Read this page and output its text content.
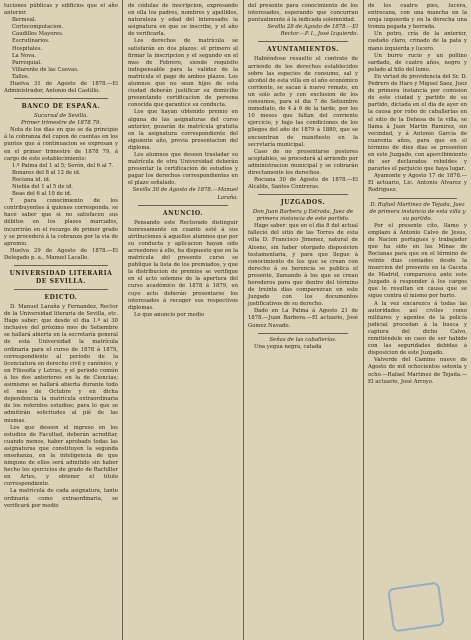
tuciones públicas y edificios que el año anterior.

Bermeal.
Cortecomputacion.
Caudillos Mayores.
Escrutinarios.
Hospitales.
La Nova.
Parroquial.
Villarente de las Cuevas.
Tallos.

Huelva 31 de Agosto de 1878.—El Administrador, Antonio del Castillo.

BANCO DE ESPAÑA.

Sucursal de Sevilla.

Primer trimestre de 1878 79.

Nota de los dias en que se da principio á la cobranza del cupon de cuentas en los puntos que á continuacion se expresan y en el primer trimestre de 1878 79, á cargo de este establecimiento:

1.º Palma del 1 al 5; Serón, del 6 al 7.
Bonares del 8 al 12 de id.
Rociana id. id.
Niebla del 1 al 5 de id.
Beas del 6 al 10 de id.

Y para conocimiento de los contribuyentes á quienes corresponda, se hace saber que si no satisfacen sus débitos en los plazos marcados, incurrirán en el recargo de primer grado y se procederá á la cobranza por la via de apremio.

Huelva 29 de Agosto de 1878.—El Delegado p. a., Manuel Lacalle.

UNIVERSIDAD LITERARIA DE SEVILLA.
EDICTO.

D. Manuel Laraña y Fernandez, Rector de la Universidad literaria de Sevilla, etc. Hago saber: que desde el dia 1.º al 30 inclusive del próximo mes de Setiembre se hallará abierta en la secretaría general de esta Universidad la matrícula ordinaria para el curso de 1878 á 1879, correspondiente al período de la licenciatura en derecho civil y canónico, y en Filosofía y Letras, y el periodo común á los dos anteriores en la de Ciencias; asimismo se hallará abierta durante todo el mes de Octubre y en dicha dependencia la matrícula extraordinaria de los referidos estudios; para lo que se admitirán solicitudes al pié de las mismas.

Los que deseen el ingreso en los estudios de Facultad, deberán acreditar, cuando menos, haber aprobado todas las asignaturas que constituyen la segunda enseñanza, en la inteligencia de que ninguno de ellos será admitido sin haber hecho los ejercicios de grado de Bachiller en Artes, y obtener el título correspondiente.

La matrícula de cada asignatura, tanto ordinaria como extraordinaria, se verificará por medio

de cédulas de inscripcion, expresando en ella los padres, nombres y apellidos, naturaleza y edad del interesado; la asignatura en que se inscribe, y el año de verificarla.

Los derechos de matrícula se satisfarán en dos plazos: el primero al firmar la inscripcion y el segundo en el mes de Febrero, siendo requisito indispensable para la validez de la matrícula el pago de ambos plazos. Los alumnos que no sean hijos de esta ciudad deberán justificar su domicilio presentando certificacion de persona conocida que garantice su conducta.

Los que hayan obtenido premio en alguna de las asignaturas del curso anterior, gozarán de matrícula gratuita en la asignatura correspondiente del siguiente año, previa presentacion del diploma.

Los alumnos que deseen trasladar su matrícula de otra Universidad deberán presentar la certificacion de estudios y pagar los derechos correspondientes en el plazo señalado.

Sevilla 30 de Agosto de 1878.—Manuel Laraña.

ANUNCIO.

Pensando este Rectorado distinguir honrosamente en cuanto esté á sus atribuciones á aquellos alumnos que por su conducta y aplicacion hayan sido acreedores á ello, ha dispuesto que en la matrícula del presente curso se publique la lista de los premiados, y que la distribucion de premios se verifique en el acto solemne de la apertura del curso académico de 1878 á 1879, en cuyo acto deberán presentarse los interesados á recoger sus respectivos diplomas.

Lo que anuncio por medio

del presente para conocimiento de los interesados, esperando que concurran puntualmente á la indicada solemnidad.

Sevilla 28 de Agosto de 1878.—El Rector.—P. I., José Izquierdo.

AYUNTAMIENTOS.

Habiéndose resuelto el contrato de arriendo de los derechos establecidos sobre las especies de consumo, sal y alcohol de esta villa en el año económico corriente, se sacan á nuevo remate, en un solo acto y con exclusion de los consumos, para el dia 7 de Setiembre inmediato, de 4 á 6 de la tarde, por los 10 meses que faltan del corriente ejercicio, y bajo las condiciones de los pliegos del año de 1879 á 1880, que se encuentran de manifiesto en la secretaría municipal.

Caso de no presentarse postores aceptables, se procederá al arriendo por administracion municipal y se cobrarán directamente los derechos.

Rociana 30 de Agosto de 1878.—El Alcalde, Santos Contreras.

JUZGADOS.

Don Juan Barbera y Estrada, Juez de primera instancia de este partido.

Hago saber: que en el dia 8 del actual falleció del sitio de las Torres de esta villa D. Francisco Jimenez, natural de Alosno, sin haber otorgado disposicion testamentaria, y para que llegue á conocimiento de los que se crean con derecho á su herencia se publica el presente, llamando á los que se crean herederos para que dentro del término de treinta dias comparezcan en este Juzgado con los documentos justificativos de su derecho.

Dado en La Palma á Agosto 21 de 1878.—Juan Barbera.—El actuario, José Gomez Navado.

Señas de las caballerías.

Una yegua negra, catada

de los cuatro pies, lucera, entrecana, con una mancha en la oreja izquierda y en la derecha una tronza pegada y herrada.

Un potro, cría de la anterior, castaño claro, crinado de la pata y mano izquierda y lucero.

Un burro rucio y un pollino sardado, de cuatro años, negro y pelado al hilo del lomo.

En virtud de providencia del Sr. D. Pedrero de Haro y Miguel Saez, Juez de primera instancia por comision de este ciudad y partido de su partido, dictada en el dia de ayer en la causa por robo de caballerías en el sitio de la Dehesa de la villa, se llama á Juan Martin Ramirez, sin vecindad, y á Antonio Garcia de cuarenta años, para que en el término de diez dias se presenten en este Juzgado, con apercibimiento de ser declarados rebeldes y pararles el perjuicio que haya lugar.

Ayamonte y Agosto 17 de 1878.—El actuario, Lic. Antonio Alvarez y Rodriguez.

D. Rafael Martinez de Tejada, Juez de primera instancia de esta villa y su partido.

Por el presente cito, llamo y emplazo á Antonio Calvo de Jesus, de Nacion portugues y trabajador que ha sido en las Minas de Rocianas para que en el término de veinte dias contados desde la insercion del presente en la Gaceta de Madrid, comparezca ante este Juzgado á responder á los cargos que le resultan en causa que se sigue contra el mismo por hurto.

A la vez encarezco á todas las autoridades así civiles como militares y agentes de la policía judicial procedan á la busca y captura del dicho Calvo, remitiéndole en caso de ser habido con las seguridades debidas á disposicion de este Juzgado.

Valverde del Camino nueve de Agosto de mil ochocientos setenta y ocho.—Rafael Martinez de Tejada.—El actuario, José Arroyo.
